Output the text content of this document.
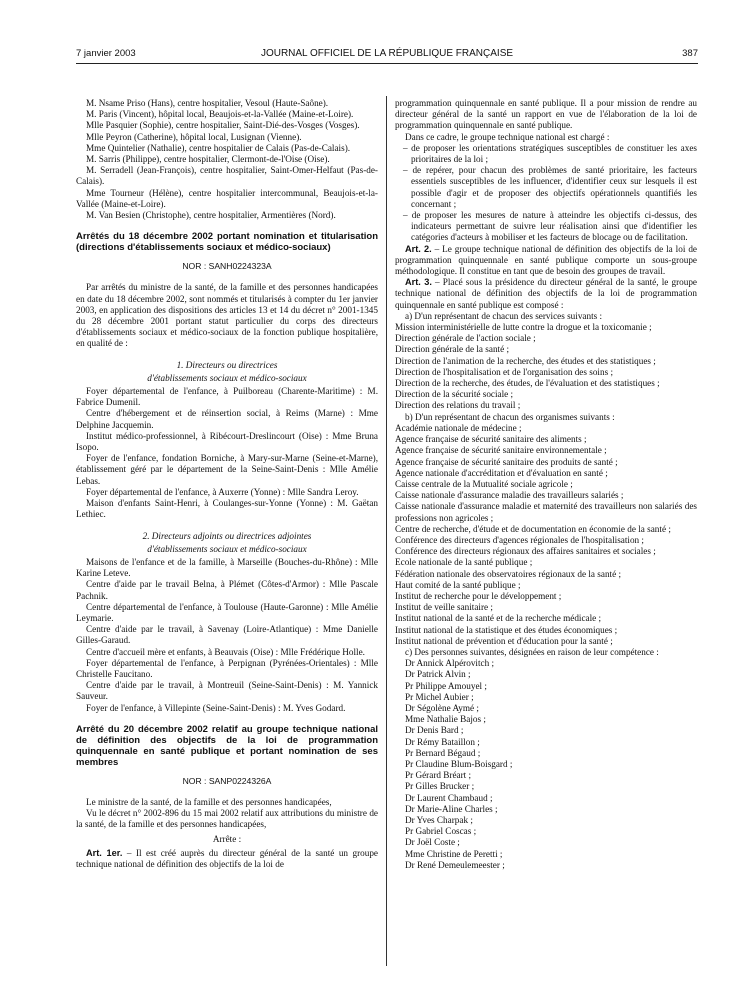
7 janvier 2003	JOURNAL OFFICIEL DE LA RÉPUBLIQUE FRANÇAISE	387

M. Nsame Priso (Hans), centre hospitalier, Vesoul (Haute-Saône).

M. Paris (Vincent), hôpital local, Beaujois-et-la-Vallée (Maine-et-Loire).

Mlle Pasquier (Sophie), centre hospitalier, Saint-Dié-des-Vosges (Vosges).

Mlle Peyron (Catherine), hôpital local, Lusignan (Vienne).

Mme Quintelier (Nathalie), centre hospitalier de Calais (Pas-de-Calais).

M. Sarris (Philippe), centre hospitalier, Clermont-de-l'Oise (Oise).

M. Serradell (Jean-François), centre hospitalier, Saint-Omer-Helfaut (Pas-de-Calais).

Mme Tourneur (Hélène), centre hospitalier intercommunal, Beaujois-et-la-Vallée (Maine-et-Loire).

M. Van Besien (Christophe), centre hospitalier, Armentières (Nord).

Arrêtés du 18 décembre 2002 portant nomination et titularisation (directions d'établissements sociaux et médico-sociaux)

NOR : SANH0224323A

Par arrêtés du ministre de la santé, de la famille et des personnes handicapées en date du 18 décembre 2002, sont nommés et titularisés à compter du 1er janvier 2003, en application des dispositions des articles 13 et 14 du décret n° 2001-1345 du 28 décembre 2001 portant statut particulier du corps des directeurs d'établissements sociaux et médico-sociaux de la fonction publique hospitalière, en qualité de :

1. Directeurs ou directrices

d'établissements sociaux et médico-sociaux

Foyer départemental de l'enfance, à Puilboreau (Charente-Maritime) : M. Fabrice Dumenil.

Centre d'hébergement et de réinsertion social, à Reims (Marne) : Mme Delphine Jacquemin.

Institut médico-professionnel, à Ribécourt-Dreslincourt (Oise) : Mme Bruna Isopo.

Foyer de l'enfance, fondation Borniche, à Mary-sur-Marne (Seine-et-Marne), établissement géré par le département de la Seine-Saint-Denis : Mlle Amélie Lebas.

Foyer départemental de l'enfance, à Auxerre (Yonne) : Mlle Sandra Leroy.

Maison d'enfants Saint-Henri, à Coulanges-sur-Yonne (Yonne) : M. Gaëtan Lethiec.

2. Directeurs adjoints ou directrices adjointes

d'établissements sociaux et médico-sociaux

Maisons de l'enfance et de la famille, à Marseille (Bouches-du-Rhône) : Mlle Karine Leteve.

Centre d'aide par le travail Belna, à Plémet (Côtes-d'Armor) : Mlle Pascale Pachnik.

Centre départemental de l'enfance, à Toulouse (Haute-Garonne) : Mlle Amélie Leymarie.

Centre d'aide par le travail, à Savenay (Loire-Atlantique) : Mme Danielle Gilles-Garaud.

Centre d'accueil mère et enfants, à Beauvais (Oise) : Mlle Frédérique Holle.

Foyer départemental de l'enfance, à Perpignan (Pyrénées-Orientales) : Mlle Christelle Faucitano.

Centre d'aide par le travail, à Montreuil (Seine-Saint-Denis) : M. Yannick Sauveur.

Foyer de l'enfance, à Villepinte (Seine-Saint-Denis) : M. Yves Godard.

Arrêté du 20 décembre 2002 relatif au groupe technique national de définition des objectifs de la loi de programmation quinquennale en santé publique et portant nomination de ses membres

NOR : SANP0224326A

Le ministre de la santé, de la famille et des personnes handicapées,

Vu le décret n° 2002-896 du 15 mai 2002 relatif aux attributions du ministre de la santé, de la famille et des personnes handicapées,

Arrête :

Art. 1er. – Il est créé auprès du directeur général de la santé un groupe technique national de définition des objectifs de la loi de

programmation quinquennale en santé publique. Il a pour mission de rendre au directeur général de la santé un rapport en vue de l'élaboration de la loi de programmation quinquennale en santé publique.

Dans ce cadre, le groupe technique national est chargé :

– de proposer les orientations stratégiques susceptibles de constituer les axes prioritaires de la loi ;

– de repérer, pour chacun des problèmes de santé prioritaire, les facteurs essentiels susceptibles de les influencer, d'identifier ceux sur lesquels il est possible d'agir et de proposer des objectifs opérationnels quantifiés les concernant ;

– de proposer les mesures de nature à atteindre les objectifs ci-dessus, des indicateurs permettant de suivre leur réalisation ainsi que d'identifier les catégories d'acteurs à mobiliser et les facteurs de blocage ou de facilitation.

Art. 2. – Le groupe technique national de définition des objectifs de la loi de programmation quinquennale en santé publique comporte un sous-groupe méthodologique. Il constitue en tant que de besoin des groupes de travail.

Art. 3. – Placé sous la présidence du directeur général de la santé, le groupe technique national de définition des objectifs de la loi de programmation quinquennale en santé publique est composé :

a) D'un représentant de chacun des services suivants :

Mission interministérielle de lutte contre la drogue et la toxicomanie ;

Direction générale de l'action sociale ;

Direction générale de la santé ;

Direction de l'animation de la recherche, des études et des statistiques ;

Direction de l'hospitalisation et de l'organisation des soins ;

Direction de la recherche, des études, de l'évaluation et des statistiques ;

Direction de la sécurité sociale ;

Direction des relations du travail ;

b) D'un représentant de chacun des organismes suivants :

Académie nationale de médecine ;

Agence française de sécurité sanitaire des aliments ;

Agence française de sécurité sanitaire environnementale ;

Agence française de sécurité sanitaire des produits de santé ;

Agence nationale d'accréditation et d'évaluation en santé ;

Caisse centrale de la Mutualité sociale agricole ;

Caisse nationale d'assurance maladie des travailleurs salariés ;

Caisse nationale d'assurance maladie et maternité des travailleurs non salariés des professions non agricoles ;

Centre de recherche, d'étude et de documentation en économie de la santé ;

Conférence des directeurs d'agences régionales de l'hospitalisation ;

Conférence des directeurs régionaux des affaires sanitaires et sociales ;

Ecole nationale de la santé publique ;

Fédération nationale des observatoires régionaux de la santé ;

Haut comité de la santé publique ;

Institut de recherche pour le développement ;

Institut de veille sanitaire ;

Institut national de la santé et de la recherche médicale ;

Institut national de la statistique et des études économiques ;

Institut national de prévention et d'éducation pour la santé ;

c) Des personnes suivantes, désignées en raison de leur compétence :

Dr Annick Alpérovitch ;

Dr Patrick Alvin ;

Pr Philippe Amouyel ;

Pr Michel Aubier ;

Dr Ségolène Aymé ;

Mme Nathalie Bajos ;

Dr Denis Bard ;

Dr Rémy Bataillon ;

Pr Bernard Bégaud ;

Pr Claudine Blum-Boisgard ;

Pr Gérard Bréart ;

Pr Gilles Brucker ;

Dr Laurent Chambaud ;

Dr Marie-Aline Charles ;

Dr Yves Charpak ;

Pr Gabriel Coscas ;

Dr Joël Coste ;

Mme Christine de Peretti ;

Dr René Demeulemeester ;
